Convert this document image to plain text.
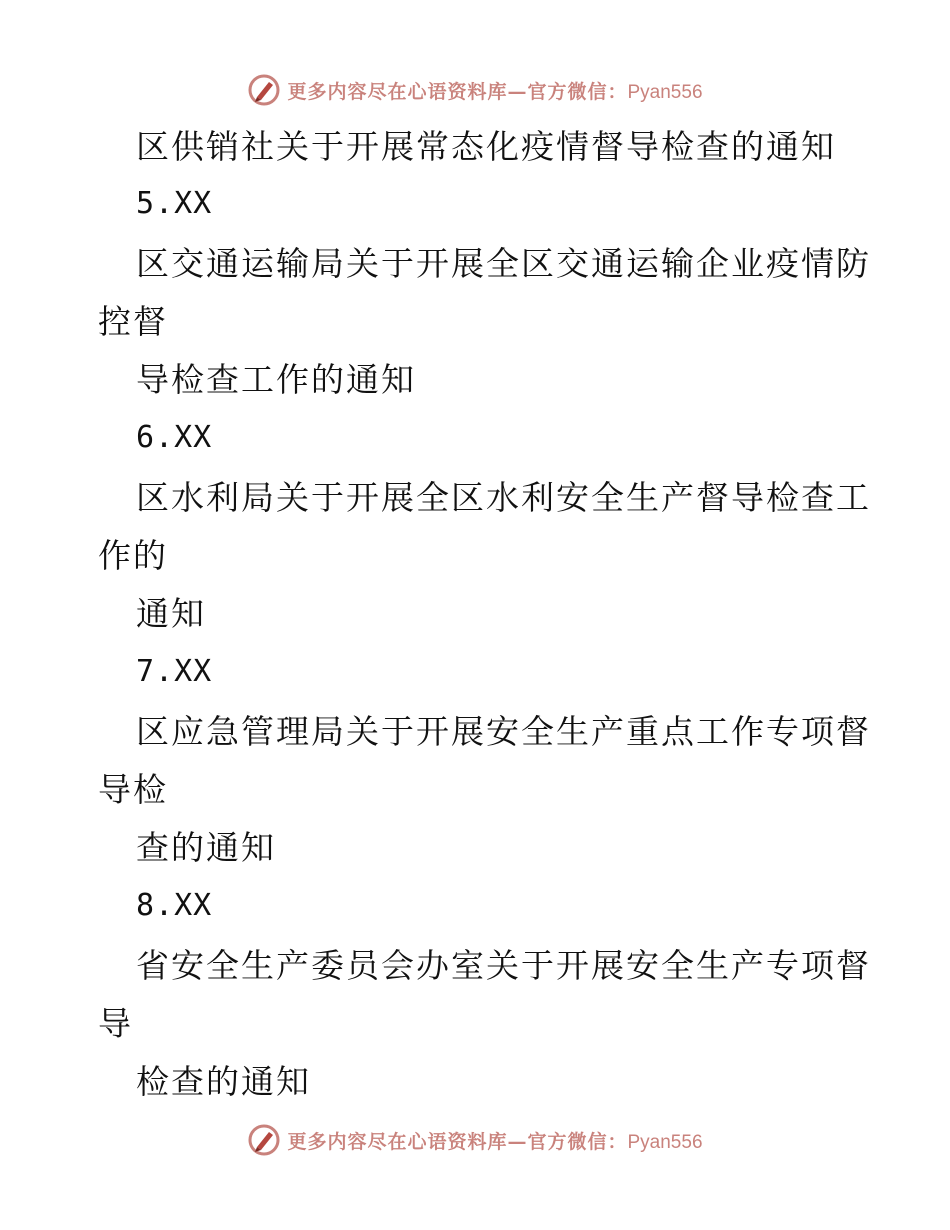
更多内容尽在心语资料库—官方微信：Pyan556
区供销社关于开展常态化疫情督导检查的通知
5.XX
区交通运输局关于开展全区交通运输企业疫情防
控督
导检查工作的通知
6.XX
区水利局关于开展全区水利安全生产督导检查工
作的
通知
7.XX
区应急管理局关于开展安全生产重点工作专项督
导检
查的通知
8.XX
省安全生产委员会办室关于开展安全生产专项督
导
检查的通知
更多内容尽在心语资料库—官方微信：Pyan556
